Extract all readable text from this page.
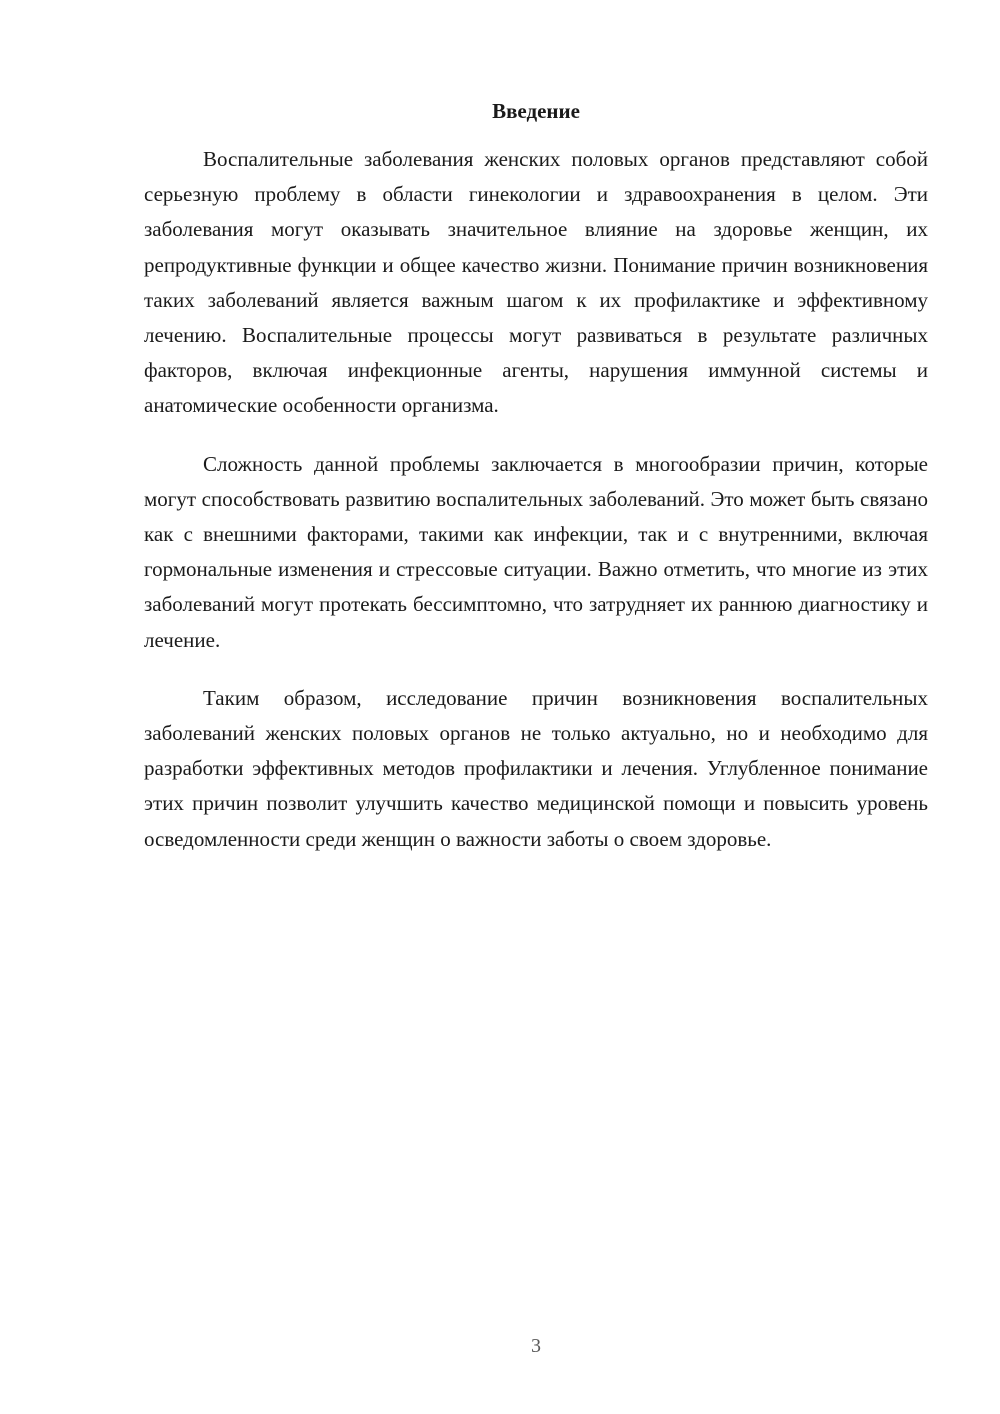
Введение

Воспалительные заболевания женских половых органов представляют собой серьезную проблему в области гинекологии и здравоохранения в целом. Эти заболевания могут оказывать значительное влияние на здоровье женщин, их репродуктивные функции и общее качество жизни. Понимание причин возникновения таких заболеваний является важным шагом к их профилактике и эффективному лечению. Воспалительные процессы могут развиваться в результате различных факторов, включая инфекционные агенты, нарушения иммунной системы и анатомические особенности организма.

Сложность данной проблемы заключается в многообразии причин, которые могут способствовать развитию воспалительных заболеваний. Это может быть связано как с внешними факторами, такими как инфекции, так и с внутренними, включая гормональные изменения и стрессовые ситуации. Важно отметить, что многие из этих заболеваний могут протекать бессимптомно, что затрудняет их раннюю диагностику и лечение.

Таким образом, исследование причин возникновения воспалительных заболеваний женских половых органов не только актуально, но и необходимо для разработки эффективных методов профилактики и лечения. Углубленное понимание этих причин позволит улучшить качество медицинской помощи и повысить уровень осведомленности среди женщин о важности заботы о своем здоровье.

3
